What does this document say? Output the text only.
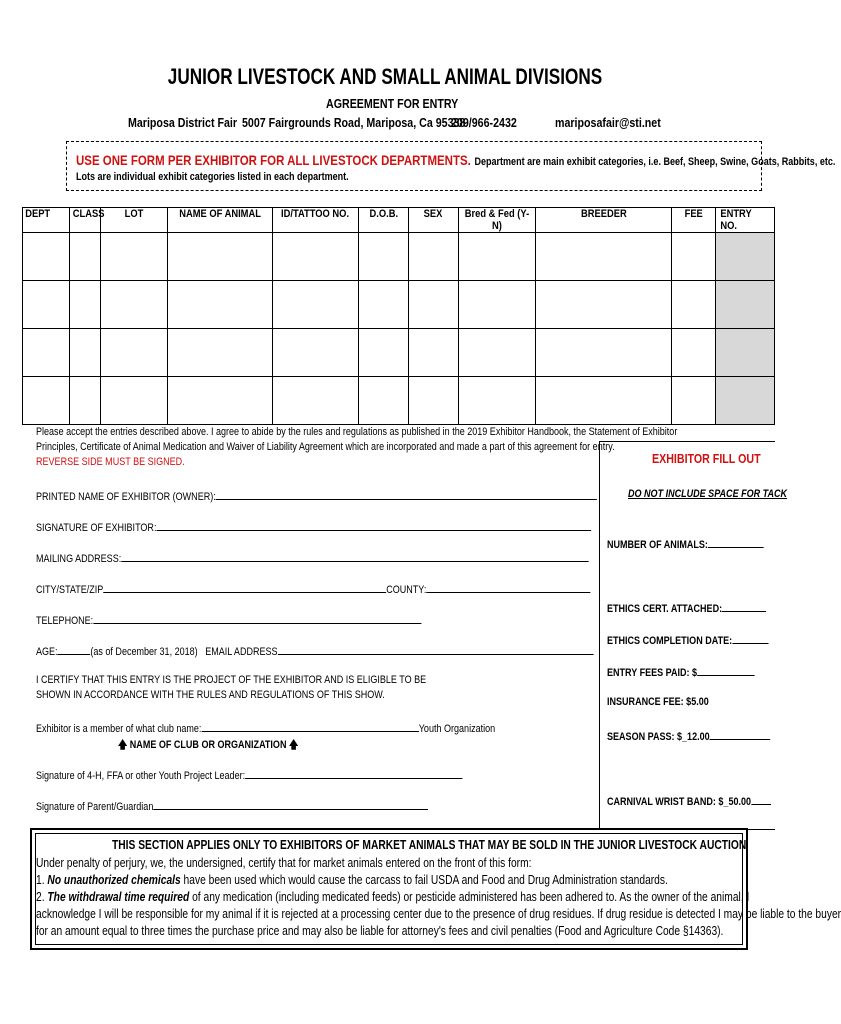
JUNIOR LIVESTOCK AND SMALL ANIMAL DIVISIONS
AGREEMENT FOR ENTRY
Mariposa District Fair 5007 Fairgrounds Road, Mariposa, Ca 95338
209/966-2432	mariposafair@sti.net
USE ONE FORM PER EXHIBITOR FOR ALL LIVESTOCK DEPARTMENTS. Department are main exhibit categories, i.e. Beef, Sheep, Swine, Goats, Rabbits, etc.
Lots are individual exhibit categories listed in each department.
DEPT	CLASS	LOT	NAME OF ANIMAL	ID/TATTOO NO.	D.O.B.	SEX	Bred & Fed (Y-N)	BREEDER	FEE	ENTRY NO.

Please accept the entries described above. I agree to abide by the rules and regulations as published in the 2019 Exhibitor Handbook, the Statement of Exhibitor
Principles, Certificate of Animal Medication and Waiver of Liability Agreement which are incorporated and made a part of this agreement for entry.
REVERSE SIDE MUST BE SIGNED.
PRINTED NAME OF EXHIBITOR (OWNER):
SIGNATURE OF EXHIBITOR:
MAILING ADDRESS:
CITY/STATE/ZIP	COUNTY:
TELEPHONE:
AGE:	(as of December 31, 2018) EMAIL ADDRESS
I CERTIFY THAT THIS ENTRY IS THE PROJECT OF THE EXHIBITOR AND IS ELIGIBLE TO BE
SHOWN IN ACCORDANCE WITH THE RULES AND REGULATIONS OF THIS SHOW.
Exhibitor is a member of what club name:	Youth Organization
🡅 NAME OF CLUB OR ORGANIZATION 🡅
Signature of 4-H, FFA or other Youth Project Leader:
Signature of Parent/Guardian
EXHIBITOR FILL OUT
DO NOT INCLUDE SPACE FOR TACK
NUMBER OF ANIMALS:
ETHICS CERT. ATTACHED:
ETHICS COMPLETION DATE:
ENTRY FEES PAID: $
INSURANCE FEE: $5.00
SEASON PASS: $_12.00
CARNIVAL WRIST BAND: $_50.00
THIS SECTION APPLIES ONLY TO EXHIBITORS OF MARKET ANIMALS THAT MAY BE SOLD IN THE JUNIOR LIVESTOCK AUCTION
Under penalty of perjury, we, the undersigned, certify that for market animals entered on the front of this form:
1. No unauthorized chemicals have been used which would cause the carcass to fail USDA and Food and Drug Administration standards.
2. The withdrawal time required of any medication (including medicated feeds) or pesticide administered has been adhered to. As the owner of the animal, I
acknowledge I will be responsible for my animal if it is rejected at a processing center due to the presence of drug residues. If drug residue is detected I may be liable to the buyer
for an amount equal to three times the purchase price and may also be liable for attorney's fees and civil penalties (Food and Agriculture Code §14363).
